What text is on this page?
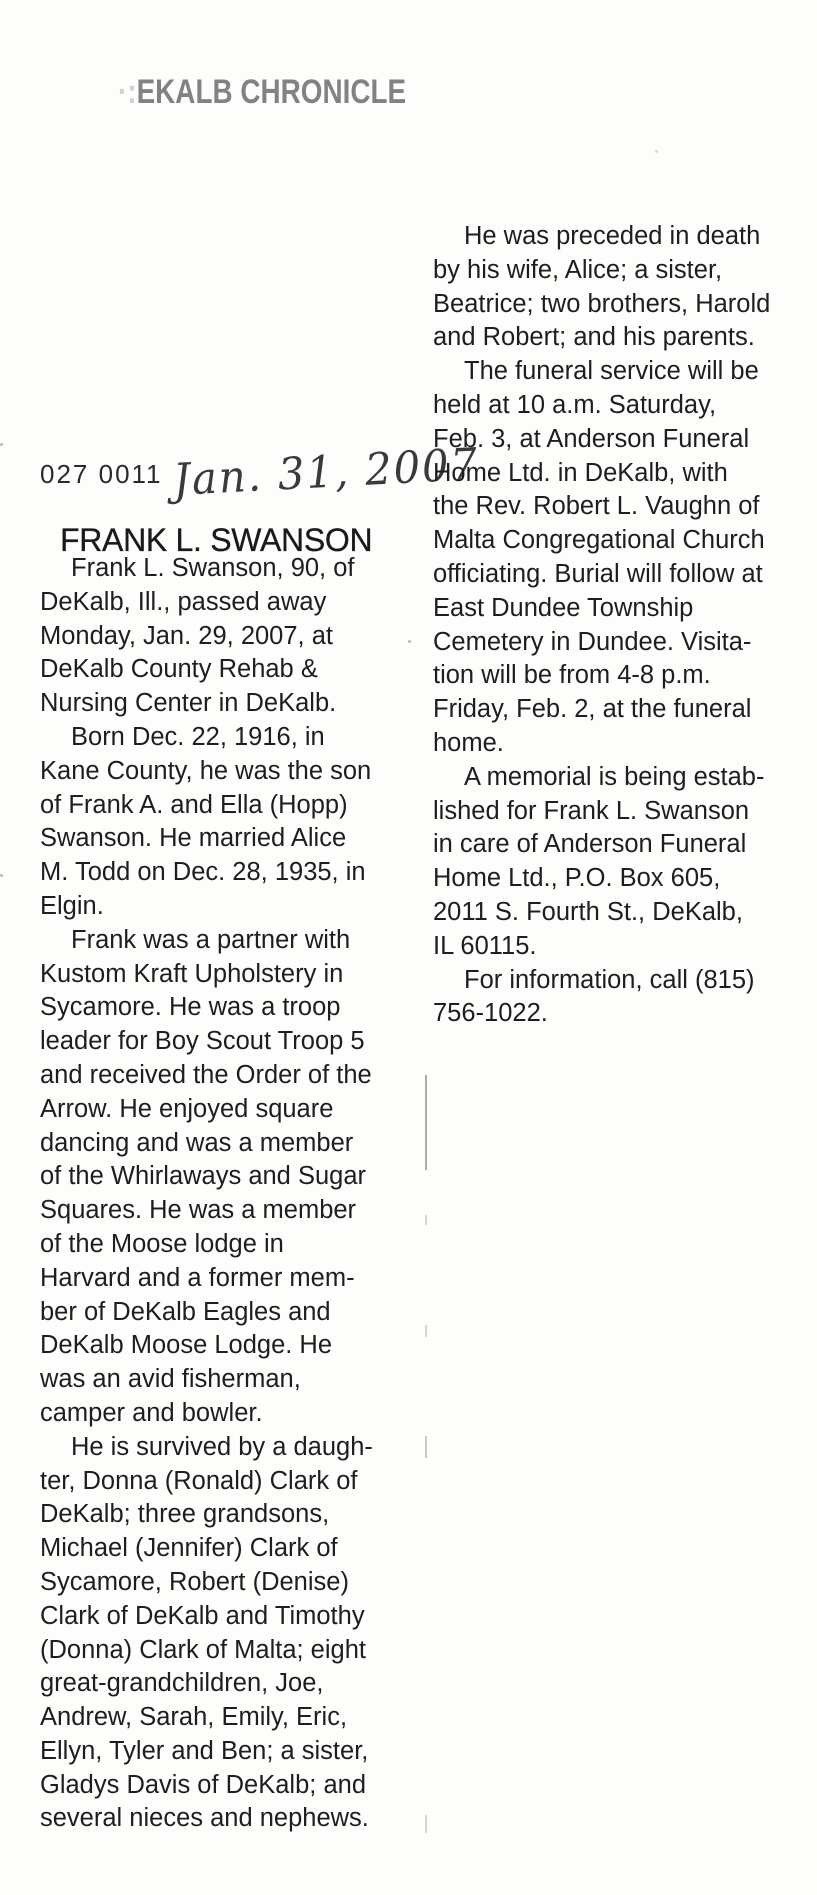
·:EKALB CHRONICLE
027 0011 Jan. 31, 2007
FRANK L. SWANSON
Frank L. Swanson, 90, of
DeKalb, Ill., passed away
Monday, Jan. 29, 2007, at
DeKalb County Rehab &
Nursing Center in DeKalb.
Born Dec. 22, 1916, in
Kane County, he was the son
of Frank A. and Ella (Hopp)
Swanson. He married Alice
M. Todd on Dec. 28, 1935, in
Elgin.
Frank was a partner with
Kustom Kraft Upholstery in
Sycamore. He was a troop
leader for Boy Scout Troop 5
and received the Order of the
Arrow. He enjoyed square
dancing and was a member
of the Whirlaways and Sugar
Squares. He was a member
of the Moose lodge in
Harvard and a former mem-
ber of DeKalb Eagles and
DeKalb Moose Lodge. He
was an avid fisherman,
camper and bowler.
He is survived by a daugh-
ter, Donna (Ronald) Clark of
DeKalb; three grandsons,
Michael (Jennifer) Clark of
Sycamore, Robert (Denise)
Clark of DeKalb and Timothy
(Donna) Clark of Malta; eight
great-grandchildren, Joe,
Andrew, Sarah, Emily, Eric,
Ellyn, Tyler and Ben; a sister,
Gladys Davis of DeKalb; and
several nieces and nephews.
He was preceded in death
by his wife, Alice; a sister,
Beatrice; two brothers, Harold
and Robert; and his parents.
The funeral service will be
held at 10 a.m. Saturday,
Feb. 3, at Anderson Funeral
Home Ltd. in DeKalb, with
the Rev. Robert L. Vaughn of
Malta Congregational Church
officiating. Burial will follow at
East Dundee Township
Cemetery in Dundee. Visita-
tion will be from 4-8 p.m.
Friday, Feb. 2, at the funeral
home.
A memorial is being estab-
lished for Frank L. Swanson
in care of Anderson Funeral
Home Ltd., P.O. Box 605,
2011 S. Fourth St., DeKalb,
IL 60115.
For information, call (815)
756-1022.
